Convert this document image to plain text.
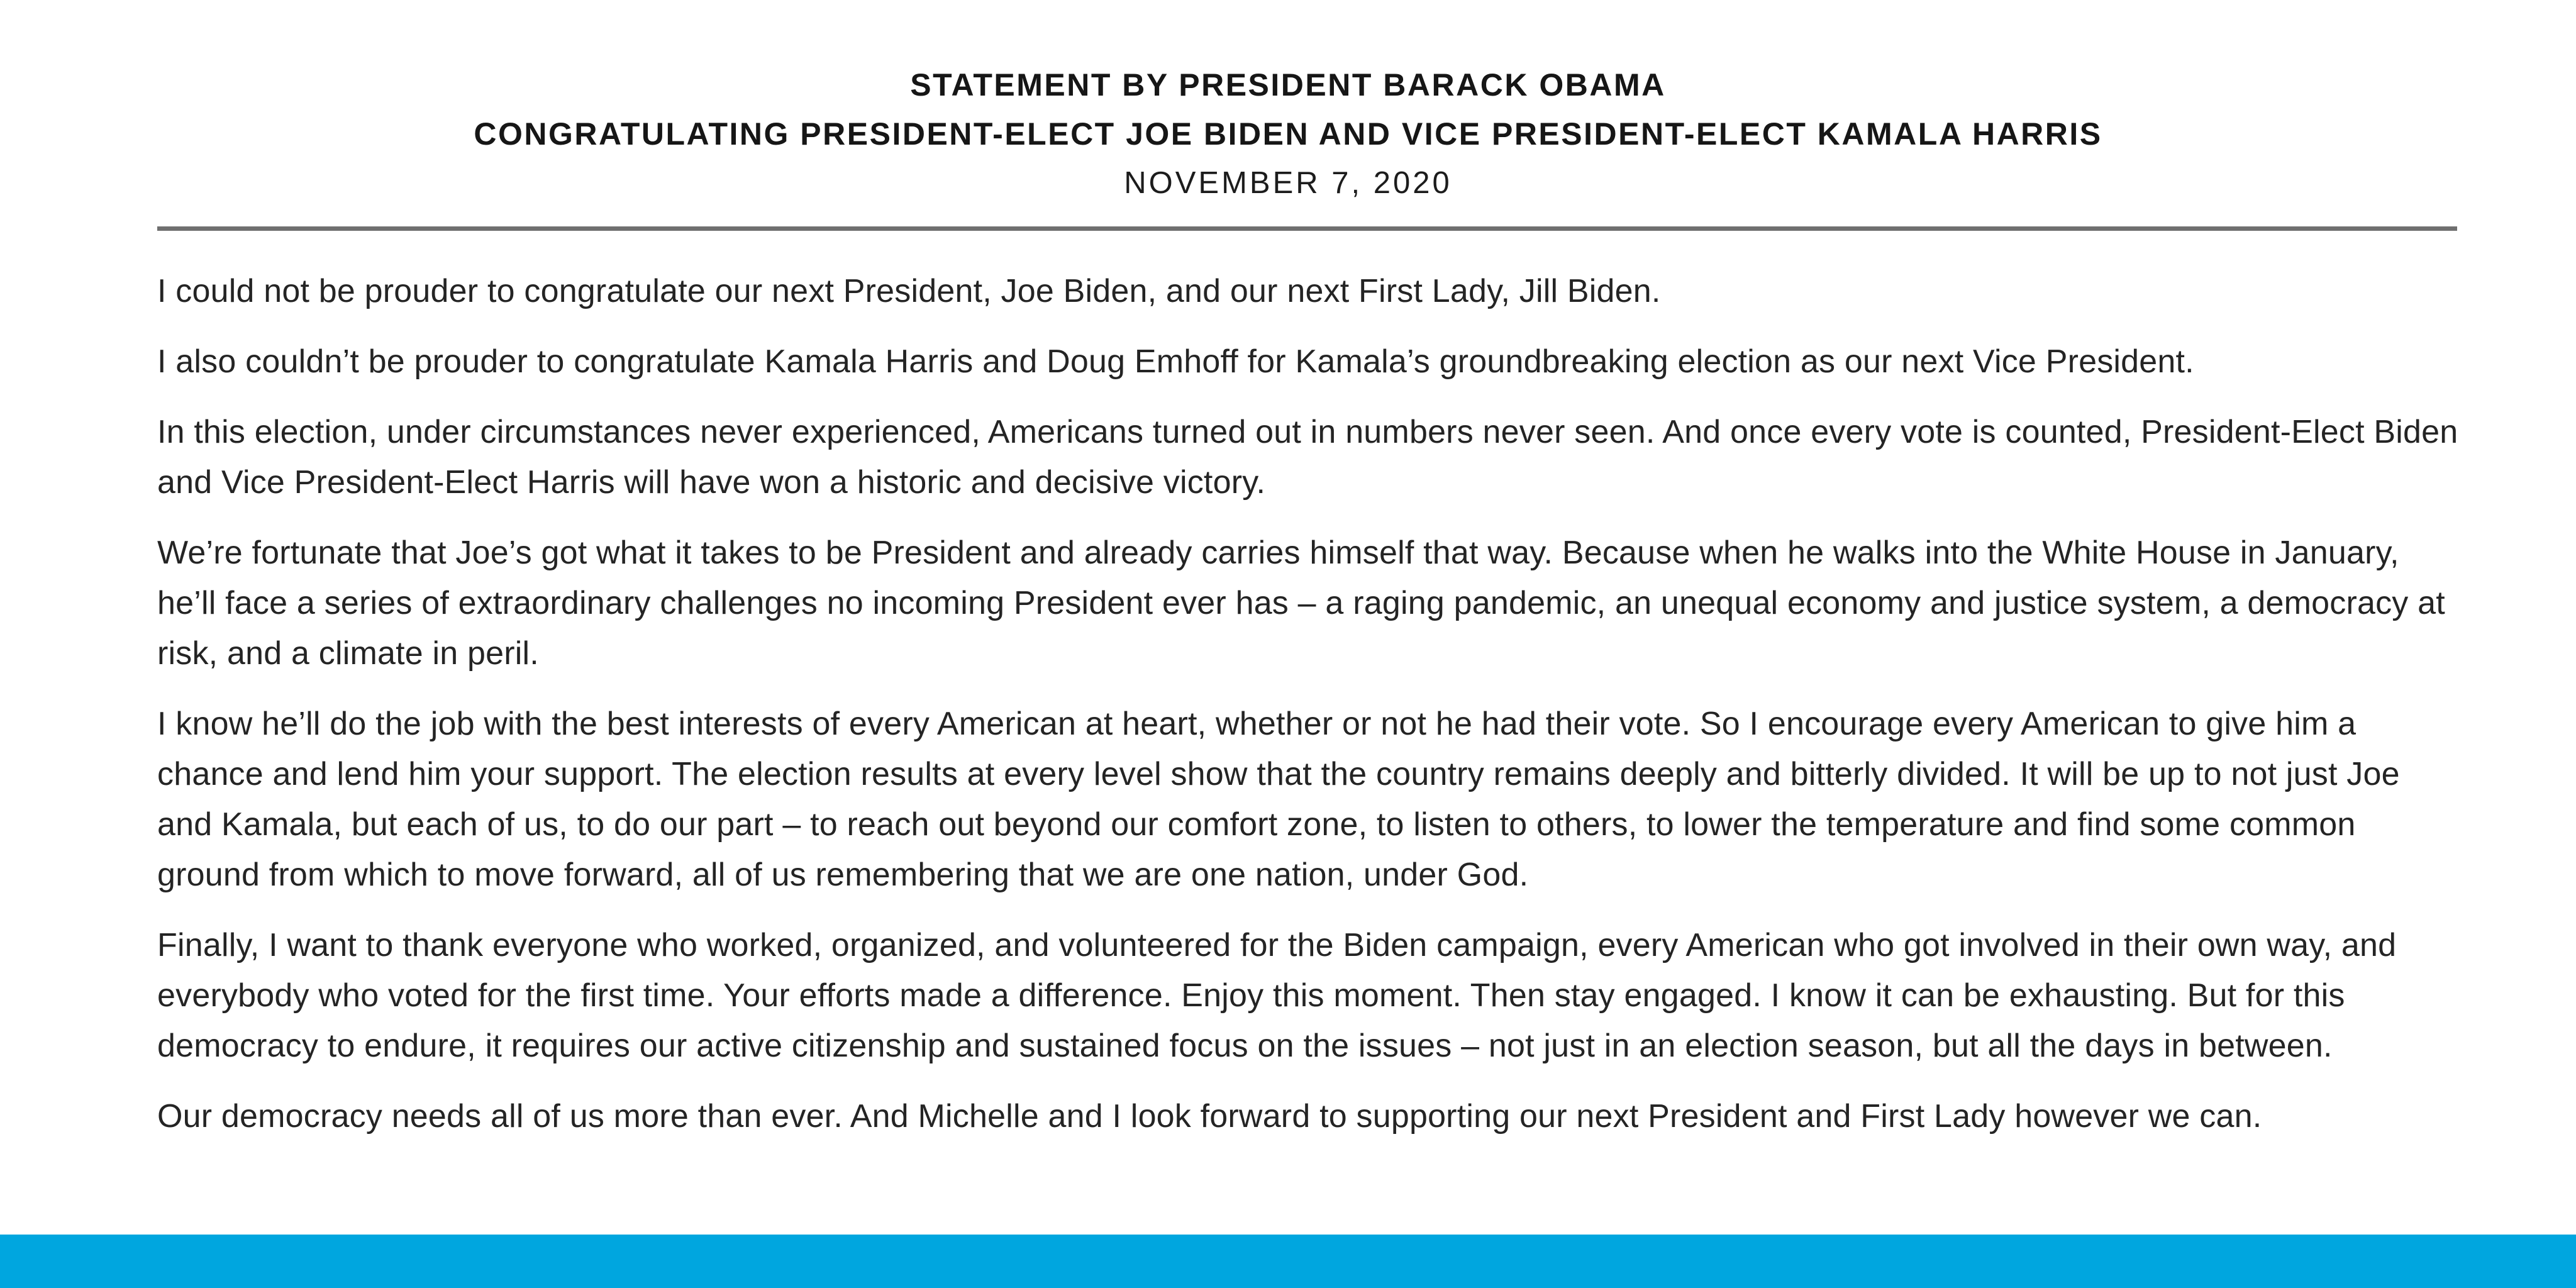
STATEMENT BY PRESIDENT BARACK OBAMA
CONGRATULATING PRESIDENT-ELECT JOE BIDEN AND VICE PRESIDENT-ELECT KAMALA HARRIS
NOVEMBER 7, 2020

I could not be prouder to congratulate our next President, Joe Biden, and our next First Lady, Jill Biden.

I also couldn’t be prouder to congratulate Kamala Harris and Doug Emhoff for Kamala’s groundbreaking election as our next Vice President.

In this election, under circumstances never experienced, Americans turned out in numbers never seen. And once every vote is counted, President-Elect Biden and Vice President-Elect Harris will have won a historic and decisive victory.

We’re fortunate that Joe’s got what it takes to be President and already carries himself that way. Because when he walks into the White House in January, he’ll face a series of extraordinary challenges no incoming President ever has – a raging pandemic, an unequal economy and justice system, a democracy at risk, and a climate in peril.

I know he’ll do the job with the best interests of every American at heart, whether or not he had their vote. So I encourage every American to give him a chance and lend him your support. The election results at every level show that the country remains deeply and bitterly divided. It will be up to not just Joe and Kamala, but each of us, to do our part – to reach out beyond our comfort zone, to listen to others, to lower the temperature and find some common ground from which to move forward, all of us remembering that we are one nation, under God.

Finally, I want to thank everyone who worked, organized, and volunteered for the Biden campaign, every American who got involved in their own way, and everybody who voted for the first time. Your efforts made a difference. Enjoy this moment. Then stay engaged. I know it can be exhausting. But for this democracy to endure, it requires our active citizenship and sustained focus on the issues – not just in an election season, but all the days in between.

Our democracy needs all of us more than ever. And Michelle and I look forward to supporting our next President and First Lady however we can.
